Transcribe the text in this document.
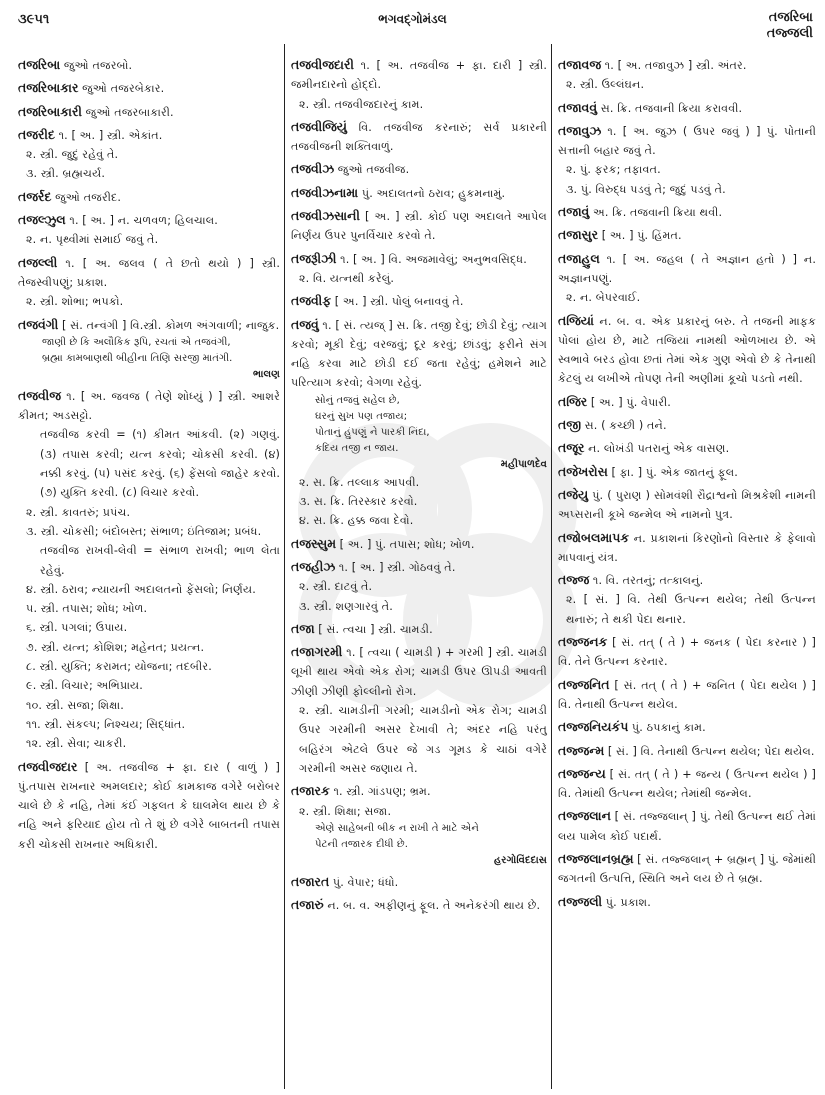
૩૯૫૧	ભગવદ્ગોમંડલ	તજરિબા
તજ્જલી
તજરિબા જુઓ તજરબો.
તજરિબાકાર જુઓ તજરબેકાર.
તજરિબાકારી જુઓ તજરબાકારી.
તજરીદ ૧. [ અ. ] સ્ત્રી. એકાંત.
૨. સ્ત્રી. જુદું રહેવું તે.
૩. સ્ત્રી. બ્રહ્મચર્ય.
તજર્રદ જુઓ તજરીદ.
તજલ્ઝુલ ૧. [ અ. ] ન. ચળવળ; હિલચાલ.
૨. ન. પૃથ્વીમાં સમાઈ જવું તે.
તજલ્લી ૧. [ અ. જલવ ( તે છતો થયો ) ] સ્ત્રી. તેજસ્વીપણું; પ્રકાશ.
૨. સ્ત્રી. શોભા; ભપકો.
તજવંગી [ સં. તન્વંગી ] વિ.સ્ત્રી. કોમળ અંગવાળી; નાજુક.
જાણી છે કિ અલૌકિક રૂપિ, રચતાં એ તજવંગી,
બ્રહ્મા કામબાણથી બીહીના તિણિ સરજી માતંગી.
ભાલણ
તજવીજ ૧. [ અ. જવજ ( તેણે શોધ્યું ) ] સ્ત્રી. આશરે કીમત; અડસટ્ટો.
તજવીજ કરવી = (૧) કીમત આંકવી. (૨) ગણવું. (૩) તપાસ કરવી; યત્ન કરવો; ચોકસી કરવી. (૪) નક્કી કરવું. (૫) પસંદ કરવું. (૬) ફેંસલો જાહેર કરવો. (૭) યુક્તિ કરવી. (૮) વિચાર કરવો.
૨. સ્ત્રી. કાવતરું; પ્રપંચ.
૩. સ્ત્રી. ચોકસી; બંદોબસ્ત; સંભાળ; ઇંતિજામ; પ્રબંધ.
તજવીજ રાખવી-લેવી = સંભાળ રાખવી; ભાળ લેતા રહેવું.
૪. સ્ત્રી. ઠરાવ; ન્યાયની અદાલતનો ફેંસલો; નિર્ણય.
૫. સ્ત્રી. તપાસ; શોધ; ખોળ.
૬. સ્ત્રી. પગલાં; ઉપાય.
૭. સ્ત્રી. યત્ન; કોશિશ; મહેનત; પ્રયત્ન.
૮. સ્ત્રી. યુક્તિ; કરામત; યોજના; તદબીર.
૯. સ્ત્રી. વિચાર; અભિપ્રાય.
૧૦. સ્ત્રી. સજા; શિક્ષા.
૧૧. સ્ત્રી. સંકલ્પ; નિશ્ચય; સિદ્ધાંત.
૧૨. સ્ત્રી. સેવા; ચાકરી.
તજવીજદાર [ અ. તજવીજ + ફા. દાર ( વાળું ) ] પું.તપાસ રાખનાર અમલદાર; કોઈ કામકાજ વગેરે બરોબર ચાલે છે કે નહિ, તેમાં કંઈ ગફલત કે ઘાલમેલ થાય છે કે નહિ અને ફરિયાદ હોય તો તે શું છે વગેરે બાબતની તપાસ કરી ચોકસી રાખનાર અધિકારી.
તજવીજદારી ૧. [ અ. તજવીજ + ફા. દારી ] સ્ત્રી. જમીનદારનો હોદ્દો.
૨. સ્ત્રી. તજવીજદારનું કામ.
તજવીજિયું વિ. તજવીજ કરનારું; સર્વ પ્રકારની તજવીજની શક્તિવાળું.
તજવીઝ જુઓ તજવીજ.
તજવીઝનામા પું. અદાલતનો ઠરાવ; હુકમનામું.
તજવીઝસાની [ અ. ] સ્ત્રી. કોઈ પણ અદાલતે આપેલ નિર્ણય ઉપર પુનર્વિચાર કરવો તે.
તજરૂીઝી ૧. [ અ. ] વિ. અજમાવેલું; અનુભવસિદ્ધ.
૨. વિ. યત્નથી કરેલું.
તજવીફ [ અ. ] સ્ત્રી. પોલું બનાવવું તે.
તજવું ૧. [ સં. ત્યજ્ ] સ. ક્રિ. તજી દેવું; છોડી દેવું; ત્યાગ કરવો; મૂકી દેવું; વરજવું; દૂર કરવું; છાંડવું; ફરીને સંગ નહિ કરવા માટે છોડી દઈ જતા રહેવું; હમેશને માટે પરિત્યાગ કરવો; વેગળા રહેવું.
સોનું તજવું સહેલ છે,
ઘરનું સુખ પણ તજાય;
પોતાનું હુંપણું ને પારકી નિંદા,
કદિય તજી ન જાય.
મહીપાળદેવ
૨. સ. ક્રિ. તલ્લાક આપવી.
૩. સ. ક્રિ. તિરસ્કાર કરવો.
૪. સ. ક્રિ. હક્ક જવા દેવો.
તજસ્સુમ [ અ. ] પું. તપાસ; શોધ; ખોળ.
તજહીઝ ૧. [ અ. ] સ્ત્રી. ગોઠવવું તે.
૨. સ્ત્રી. દાટવું તે.
૩. સ્ત્રી. શણગારવું તે.
તજા [ સં. ત્વચા ] સ્ત્રી. ચામડી.
તજાગરમી ૧. [ ત્વચા ( ચામડી ) + ગરમી ] સ્ત્રી. ચામડી લૂખી થાય એવો એક રોગ; ચામડી ઉપર ઊપડી આવતી ઝીણી ઝીણી ફોલ્લીનો રોગ.
૨. સ્ત્રી. ચામડીની ગરમી; ચામડીનો એક રોગ; ચામડી ઉપર ગરમીની અસર દેખાવી તે; અંદર નહિ પરંતુ બહિરંગ એટલે ઉપર જે ગડ ગૂમડ કે ચાઠાં વગેરે ગરમીની અસર જણાય તે.
તજારક ૧. સ્ત્રી. ગાંડપણ; ભ્રમ.
૨. સ્ત્રી. શિક્ષા; સજા.
એણે સાહેબની બીક ન રાખી તે માટે એને
પેટની તજારક દીધી છે.
હરગોવિંદદાસ
તજારત પું. વેપાર; ધંધો.
તજારું ન. બ. વ. અફીણનું ફૂલ. તે અનેકરંગી થાય છે.
તજાવજ ૧. [ અ. તજાવુઝ ] સ્ત્રી. અંતર.
૨. સ્ત્રી. ઉલ્લંઘન.
તજાવવું સ. ક્રિ. તજવાની ક્રિયા કરાવવી.
તજાવુઝ ૧. [ અ. જુઝ ( ઉપર જવું ) ] પું. પોતાની સત્તાની બહાર જવું તે.
૨. પું. ફરક; તફાવત.
૩. પું. વિરુદ્ધ પડવું તે; જુદું પડવું તે.
તજાવું અ. ક્રિ. તજવાની ક્રિયા થવી.
તજાસુર [ અ. ] પું. હિંમત.
તજાહુલ ૧. [ અ. જહલ ( તે અજ્ઞાન હતો ) ] ન. અજ્ઞાનપણું.
૨. ન. બેપરવાઈ.
તજિયાં ન. બ. વ. એક પ્રકારનું બરુ. તે તજની માફક પોલાં હોય છે, માટે તજિયાં નામથી ઓળખાય છે. એ સ્વભાવે બરડ હોવા છતાં તેમાં એક ગુણ એવો છે કે તેનાથી કેટલું ય લખીએ તોપણ તેની અણીમાં કૂચો પડતો નથી.
તજિર [ અ. ] પું. વેપારી.
તજી સ. ( કચ્છી ) તને.
તજૂર ન. લોખંડી પતરાનું એક વાસણ.
તજેખરોસ [ ફા. ] પું. એક જાતનું ફૂલ.
તજેયુ પું. ( પુરાણ ) સોમવંશી રૌદ્રાશ્વનો મિશ્રકેશી નામની અપ્સરાની કૂખે જન્મેલ એ નામનો પુત્ર.
તજોબલમાપક ન. પ્રકાશનાં કિરણોનો વિસ્તાર કે ફેલાવો માપવાનું યંત્ર.
તજ્જ ૧. વિ. તરતનું; તત્કાલનું.
૨. [ સં. ] વિ. તેથી ઉત્પન્ન થયેલ; તેથી ઉત્પન્ન થનારું; તે થકી પેદા થનાર.
તજ્જનક [ સં. તત્ ( તે ) + જનક ( પેદા કરનાર ) ] વિ. તેને ઉત્પન્ન કરનાર.
તજ્જનિત [ સં. તત્ ( તે ) + જનિત ( પેદા થયેલ ) ] વિ. તેનાથી ઉત્પન્ન થયેલ.
તજ્જનિયકંપ પું. ઠપકાનું કામ.
તજ્જન્મ [ સં. ] વિ. તેનાથી ઉત્પન્ન થયેલ; પેદા થયેલ.
તજ્જન્ય [ સં. તત્ ( તે ) + જન્ય ( ઉત્પન્ન થયેલ ) ] વિ. તેમાંથી ઉત્પન્ન થયેલ; તેમાંથી જન્મેલ.
તજ્જલાન [ સં. તજ્જલાન્ ] પું. તેથી ઉત્પન્ન થઈ તેમાં લય પામેલ કોઈ પદાર્થ.
તજ્જલાનબ્રહ્મ [ સં. તજ્જલાન્ + બ્રહ્મન્ ] પું. જેમાંથી જગતની ઉત્પત્તિ, સ્થિતિ અને લય છે તે બ્રહ્મ.
તજ્જલી પું. પ્રકાશ.
